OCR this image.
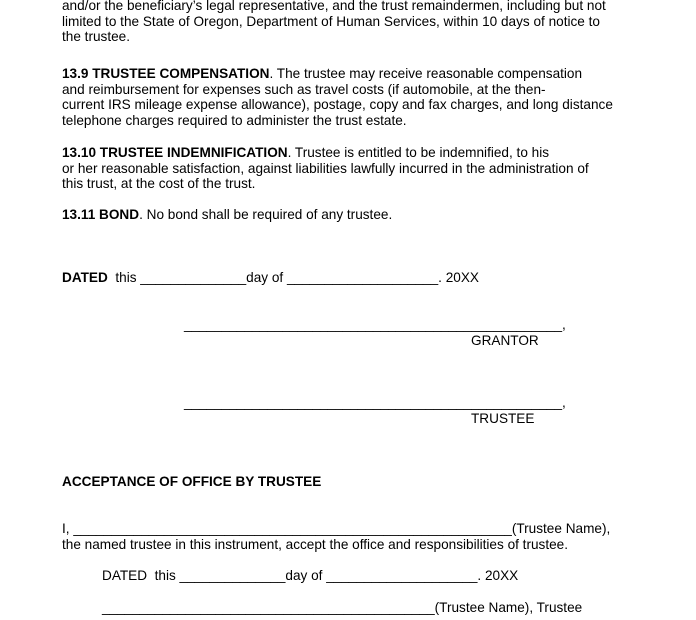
and/or the beneficiary’s legal representative, and the trust remaindermen, including but not
limited to the State of Oregon, Department of Human Services, within 10 days of notice to
the trustee.
13.9 TRUSTEE COMPENSATION. The trustee may receive reasonable compensation
and reimbursement for expenses such as travel costs (if automobile, at the then-
current IRS mileage expense allowance), postage, copy and fax charges, and long distance
telephone charges required to administer the trust estate.
13.10 TRUSTEE INDEMNIFICATION. Trustee is entitled to be indemnified, to his
or her reasonable satisfaction, against liabilities lawfully incurred in the administration of
this trust, at the cost of the trust.
13.11 BOND. No bond shall be required of any trustee.
DATED  this ______________day of ____________________. 20XX
__________________________________________________,
GRANTOR
__________________________________________________,
TRUSTEE
ACCEPTANCE OF OFFICE BY TRUSTEE
I, __________________________________________________________(Trustee Name),
the named trustee in this instrument, accept the office and responsibilities of trustee.
DATED  this ______________day of ____________________. 20XX
____________________________________________(Trustee Name), Trustee
